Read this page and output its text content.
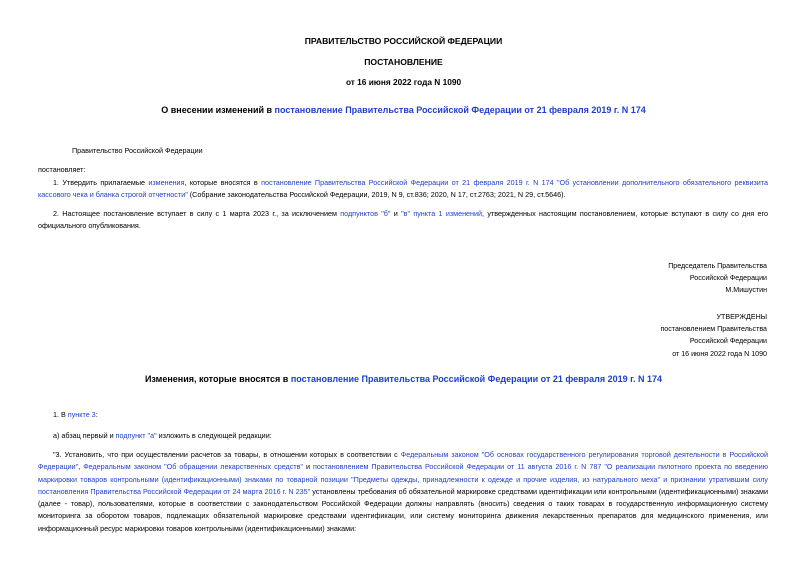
ПРАВИТЕЛЬСТВО РОССИЙСКОЙ ФЕДЕРАЦИИ
ПОСТАНОВЛЕНИЕ
от 16 июня 2022 года N 1090
О внесении изменений в постановление Правительства Российской Федерации от 21 февраля 2019 г. N 174

Правительство Российской Федерации

постановляет:

1. Утвердить прилагаемые изменения, которые вносятся в постановление Правительства Российской Федерации от 21 февраля 2019 г. N 174 "Об установлении дополнительного обязательного реквизита кассового чека и бланка строгой отчетности" (Собрание законодательства Российской Федерации, 2019, N 9, ст.836; 2020, N 17, ст.2763; 2021, N 29, ст.5646).

2. Настоящее постановление вступает в силу с 1 марта 2023 г., за исключением подпунктов "б" и "в" пункта 1 изменений, утвержденных настоящим постановлением, которые вступают в силу со дня его официального опубликования.

Председатель Правительства
Российской Федерации
М.Мишустин
УТВЕРЖДЕНЫ
постановлением Правительства
Российской Федерации
от 16 июня 2022 года N 1090
Изменения, которые вносятся в постановление Правительства Российской Федерации от 21 февраля 2019 г. N 174

1. В пункте 3:

а) абзац первый и подпункт "а" изложить в следующей редакции:

"3. Установить, что при осуществлении расчетов за товары, в отношении которых в соответствии с Федеральным законом "Об основах государственного регулирования торговой деятельности в Российской Федерации", Федеральным законом "Об обращении лекарственных средств" и постановлением Правительства Российской Федерации от 11 августа 2016 г. N 787 "О реализации пилотного проекта по введению маркировки товаров контрольными (идентификационными) знаками по товарной позиции "Предметы одежды, принадлежности к одежде и прочие изделия, из натурального меха" и признании утратившим силу постановления Правительства Российской Федерации от 24 марта 2016 г. N 235" установлены требования об обязательной маркировке средствами идентификации или контрольными (идентификационными) знаками (далее - товар), пользователями, которые в соответствии с законодательством Российской Федерации должны направлять (вносить) сведения о таких товарах в государственную информационную систему мониторинга за оборотом товаров, подлежащих обязательной маркировке средствами идентификации, или систему мониторинга движения лекарственных препаратов для медицинского применения, или информационный ресурс маркировки товаров контрольными (идентификационными) знаками:
